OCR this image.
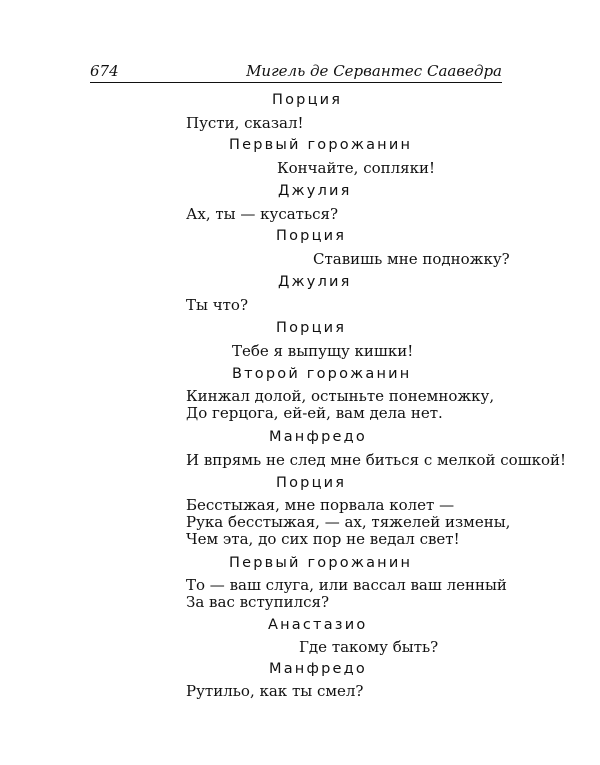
674	Мигель де Сервантес Сааведра
Порция
Пусти, сказал!
Первый горожанин
Кончайте, сопляки!
Джулия
Ах, ты — кусаться?
Порция
Ставишь мне подножку?
Джулия
Ты что?
Порция
Тебе я выпущу кишки!
Второй горожанин
Кинжал долой, остыньте понемножку,
До герцога, ей-ей, вам дела нет.
Манфредо
И впрямь не след мне биться с мелкой сошкой!
Порция
Бесстыжая, мне порвала колет —
Рука бесстыжая, — ах, тяжелей измены,
Чем эта, до сих пор не ведал свет!
Первый горожанин
То — ваш слуга, или вассал ваш ленный
За вас вступился?
Анастазио
Где такому быть?
Манфредо
Рутильо, как ты смел?
